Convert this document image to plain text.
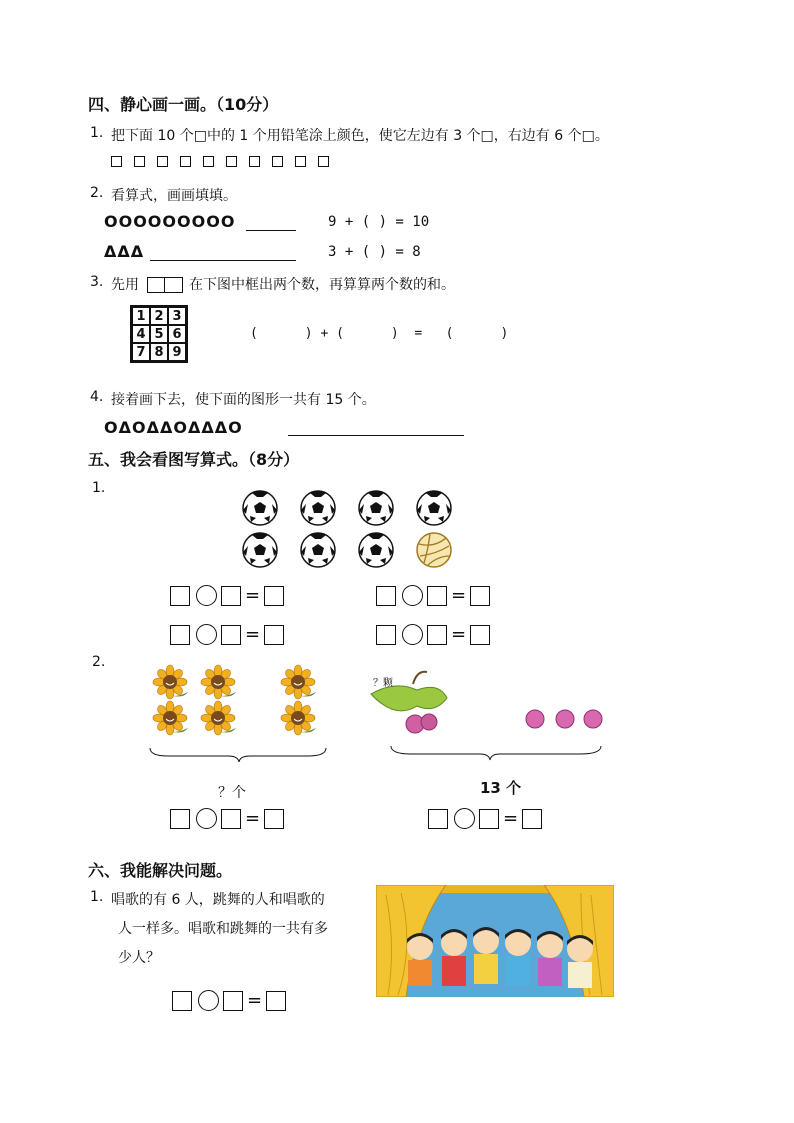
四、静心画一画。（10分）
1. 把下面 10 个□中的 1 个用铅笔涂上颜色，使它左边有 3 个□，右边有 6 个□。
2. 看算式，画画填填。
OOOOOOOOO	9 + ( ) = 10
ΔΔΔ	3 + ( ) = 8
3. 先用	在下图中框出两个数，再算算两个数的和。
1 2 3
4 5 6
7 8 9
(      ) + (      )  =   (      )
4. 接着画下去，使下面的图形一共有 15 个。
OΔOΔΔOΔΔΔO
五、我会看图写算式。（8分）
1.
=	=
=	=
2.
？个
？颗
13 个
=	=
六、我能解决问题。
1. 唱歌的有 6 人，跳舞的人和唱歌的
人一样多。唱歌和跳舞的一共有多
少人？
=
